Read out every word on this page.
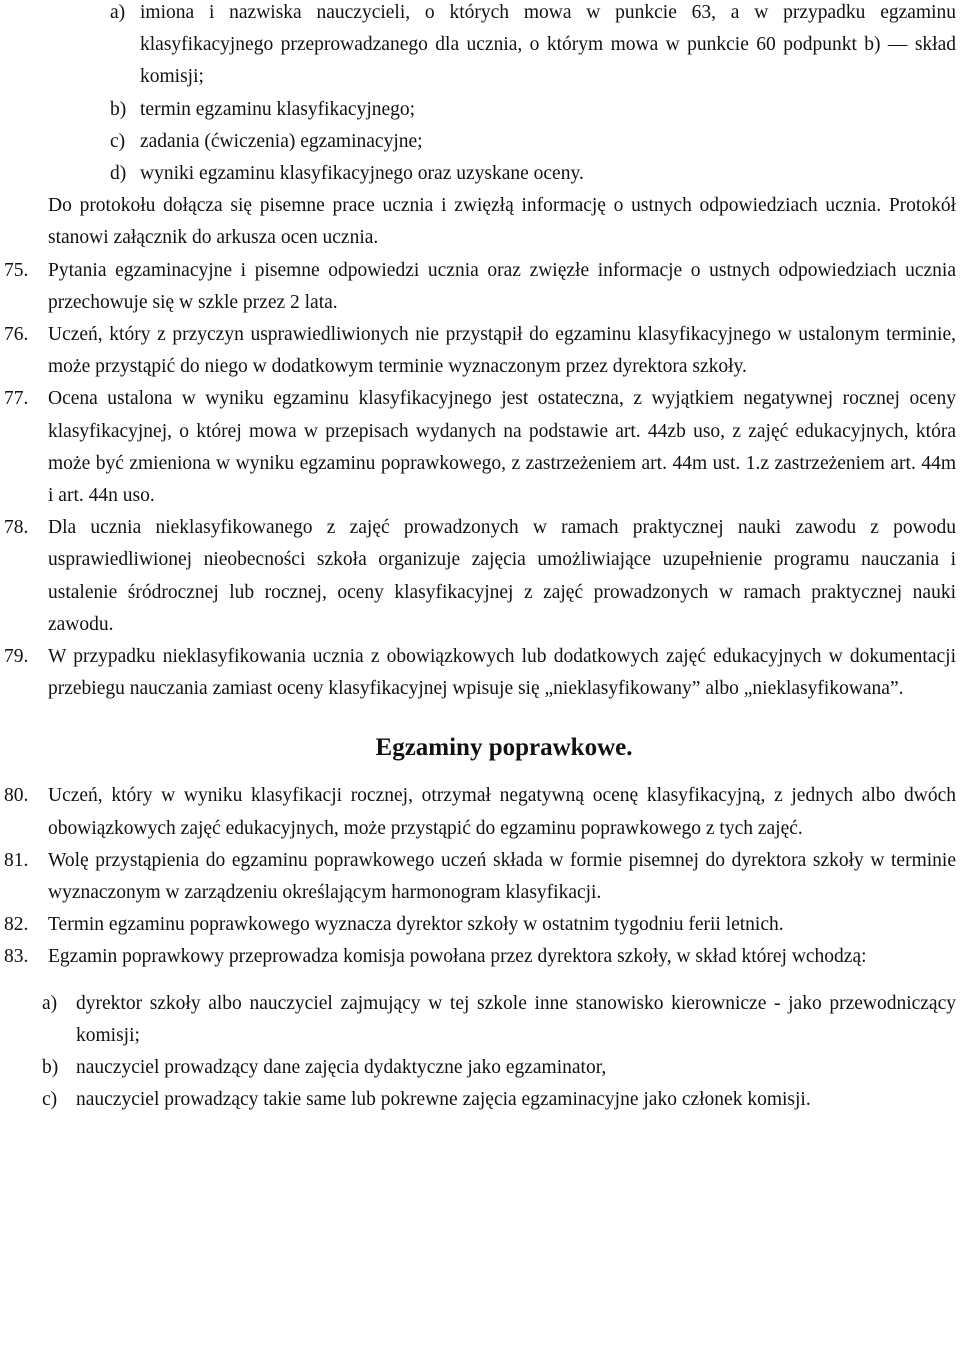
a) imiona i nazwiska nauczycieli, o których mowa w punkcie 63, a w przypadku egzaminu klasyfikacyjnego przeprowadzanego dla ucznia, o którym mowa w punkcie 60 podpunkt b) — skład komisji;
b) termin egzaminu klasyfikacyjnego;
c) zadania (ćwiczenia) egzaminacyjne;
d) wyniki egzaminu klasyfikacyjnego oraz uzyskane oceny.
Do protokołu dołącza się pisemne prace ucznia i zwięzłą informację o ustnych odpowiedziach ucznia. Protokół stanowi załącznik do arkusza ocen ucznia.
75. Pytania egzaminacyjne i pisemne odpowiedzi ucznia oraz zwięzłe informacje o ustnych odpowiedziach ucznia przechowuje się w szkle przez 2 lata.
76. Uczeń, który z przyczyn usprawiedliwionych nie przystąpił do egzaminu klasyfikacyjnego w ustalonym terminie, może przystąpić do niego w dodatkowym terminie wyznaczonym przez dyrektora szkoły.
77. Ocena ustalona w wyniku egzaminu klasyfikacyjnego jest ostateczna, z wyjątkiem negatywnej rocznej oceny klasyfikacyjnej, o której mowa w przepisach wydanych na podstawie art. 44zb uso, z zajęć edukacyjnych, która może być zmieniona w wyniku egzaminu poprawkowego, z zastrzeżeniem art. 44m ust. 1.z zastrzeżeniem art. 44m i art. 44n uso.
78. Dla ucznia nieklasyfikowanego z zajęć prowadzonych w ramach praktycznej nauki zawodu z powodu usprawiedliwionej nieobecności szkoła organizuje zajęcia umożliwiające uzupełnienie programu nauczania i ustalenie śródrocznej lub rocznej, oceny klasyfikacyjnej z zajęć prowadzonych w ramach praktycznej nauki zawodu.
79. W przypadku nieklasyfikowania ucznia z obowiązkowych lub dodatkowych zajęć edukacyjnych w dokumentacji przebiegu nauczania zamiast oceny klasyfikacyjnej wpisuje się „nieklasyfikowany” albo „nieklasyfikowana”.
Egzaminy poprawkowe.
80. Uczeń, który w wyniku klasyfikacji rocznej, otrzymał negatywną ocenę klasyfikacyjną, z jednych albo dwóch obowiązkowych zajęć edukacyjnych, może przystąpić do egzaminu poprawkowego z tych zajęć.
81. Wolę przystąpienia do egzaminu poprawkowego uczeń składa w formie pisemnej do dyrektora szkoły w terminie wyznaczonym w zarządzeniu określającym harmonogram klasyfikacji.
82. Termin egzaminu poprawkowego wyznacza dyrektor szkoły w ostatnim tygodniu ferii letnich.
83. Egzamin poprawkowy przeprowadza komisja powołana przez dyrektora szkoły, w skład której wchodzą:
a) dyrektor szkoły albo nauczyciel zajmujący w tej szkole inne stanowisko kierownicze - jako przewodniczący komisji;
b) nauczyciel prowadzący dane zajęcia dydaktyczne jako egzaminator,
c) nauczyciel prowadzący takie same lub pokrewne zajęcia egzaminacyjne jako członek komisji.
